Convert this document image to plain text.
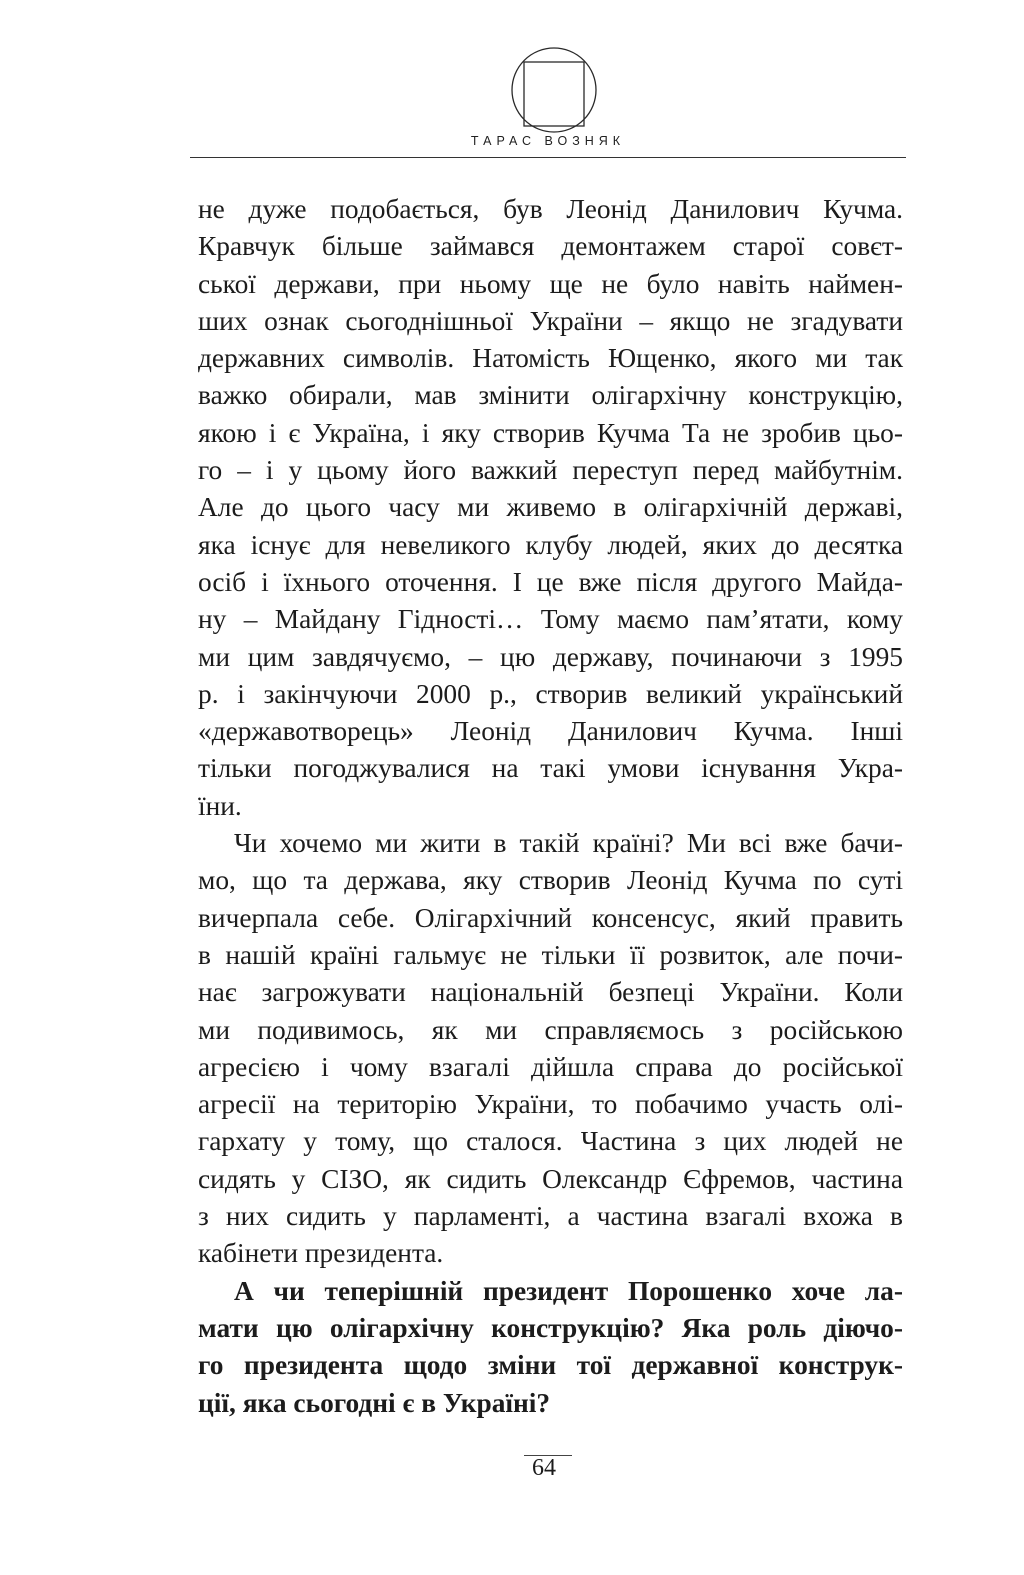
ТАРАС ВОЗНЯК
не дуже подобається, був Леонід Данилович Кучма.
Кравчук більше займався демонтажем старої совєт-
ської держави, при ньому ще не було навіть наймен-
ших ознак сьогоднішньої України – якщо не згадувати
державних символів. Натомість Ющенко, якого ми так
важко обирали, мав змінити олігархічну конструкцію,
якою і є Україна, і яку створив Кучма Та не зробив цьо-
го – і у цьому його важкий переступ перед майбутнім.
Але до цього часу ми живемо в олігархічній державі,
яка існує для невеликого клубу людей, яких до десятка
осіб і їхнього оточення. І це вже після другого Майда-
ну – Майдану Гідності… Тому маємо пам’ятати, кому
ми цим завдячуємо, – цю державу, починаючи з 1995
р. і закінчуючи 2000 р., створив великий український
«державотворець» Леонід Данилович Кучма. Інші
тільки погоджувалися на такі умови існування Укра-
їни.
Чи хочемо ми жити в такій країні? Ми всі вже бачи-
мо, що та держава, яку створив Леонід Кучма по суті
вичерпала себе. Олігархічний консенсус, який править
в нашій країні гальмує не тільки її розвиток, але почи-
нає загрожувати національній безпеці України. Коли
ми подивимось, як ми справляємось з російською
агресією і чому взагалі дійшла справа до російської
агресії на територію України, то побачимо участь олі-
гархату у тому, що сталося. Частина з цих людей не
сидять у СІЗО, як сидить Олександр Єфремов, частина
з них сидить у парламенті, а частина взагалі вхожа в
кабінети президента.
А чи теперішній президент Порошенко хоче ла-
мати цю олігархічну конструкцію? Яка роль діючо-
го президента щодо зміни тої державної конструк-
ції, яка сьогодні є в Україні?
64
